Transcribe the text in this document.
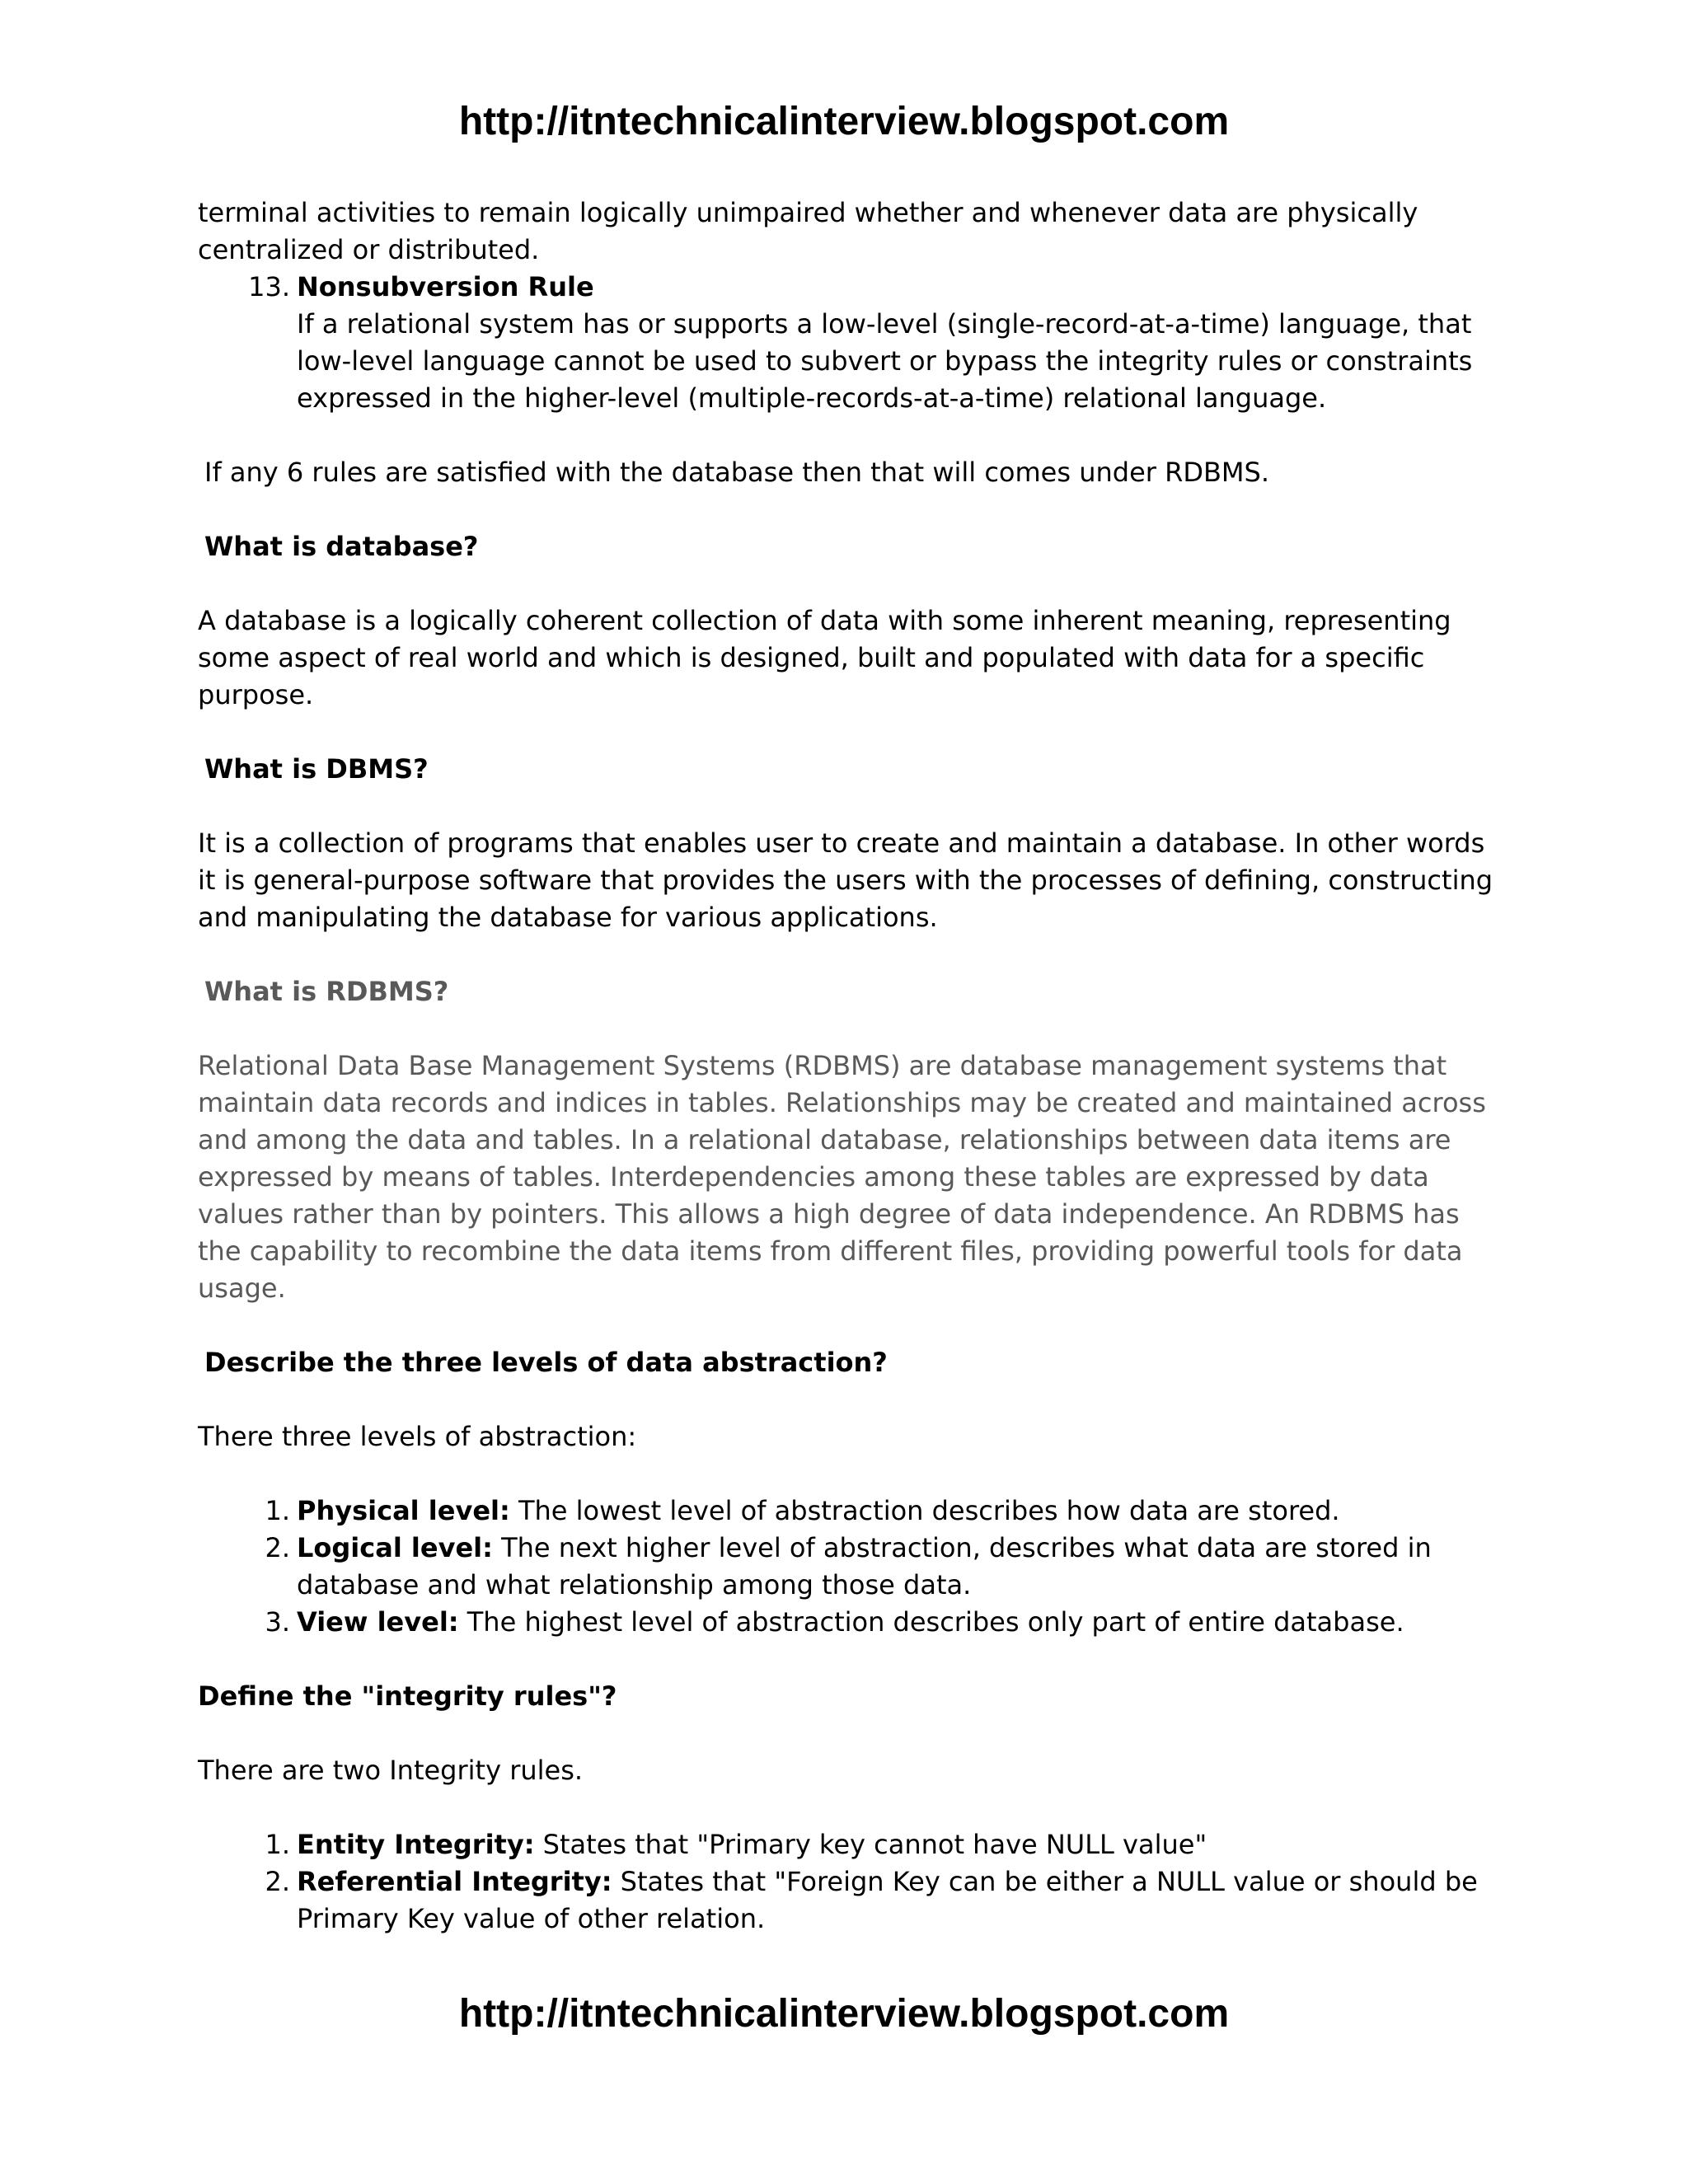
http://itntechnicalinterview.blogspot.com

terminal activities to remain logically unimpaired whether and whenever data are physically centralized or distributed.

13. Nonsubversion Rule

If a relational system has or supports a low-level (single-record-at-a-time) language, that low-level language cannot be used to subvert or bypass the integrity rules or constraints expressed in the higher-level (multiple-records-at-a-time) relational language.

If any 6 rules are satisfied with the database then that will comes under RDBMS.

What is database?

A database is a logically coherent collection of data with some inherent meaning, representing some aspect of real world and which is designed, built and populated with data for a specific purpose.

What is DBMS?

It is a collection of programs that enables user to create and maintain a database. In other words it is general-purpose software that provides the users with the processes of defining, constructing and manipulating the database for various applications.

What is RDBMS?

Relational Data Base Management Systems (RDBMS) are database management systems that maintain data records and indices in tables. Relationships may be created and maintained across and among the data and tables. In a relational database, relationships between data items are expressed by means of tables. Interdependencies among these tables are expressed by data values rather than by pointers. This allows a high degree of data independence. An RDBMS has the capability to recombine the data items from different files, providing powerful tools for data usage.

Describe the three levels of data abstraction?

There three levels of abstraction:

1. Physical level: The lowest level of abstraction describes how data are stored.

2. Logical level: The next higher level of abstraction, describes what data are stored in database and what relationship among those data.

3. View level: The highest level of abstraction describes only part of entire database.

Define the "integrity rules"?

There are two Integrity rules.

1. Entity Integrity: States that "Primary key cannot have NULL value"

2. Referential Integrity: States that "Foreign Key can be either a NULL value or should be Primary Key value of other relation.

http://itntechnicalinterview.blogspot.com
